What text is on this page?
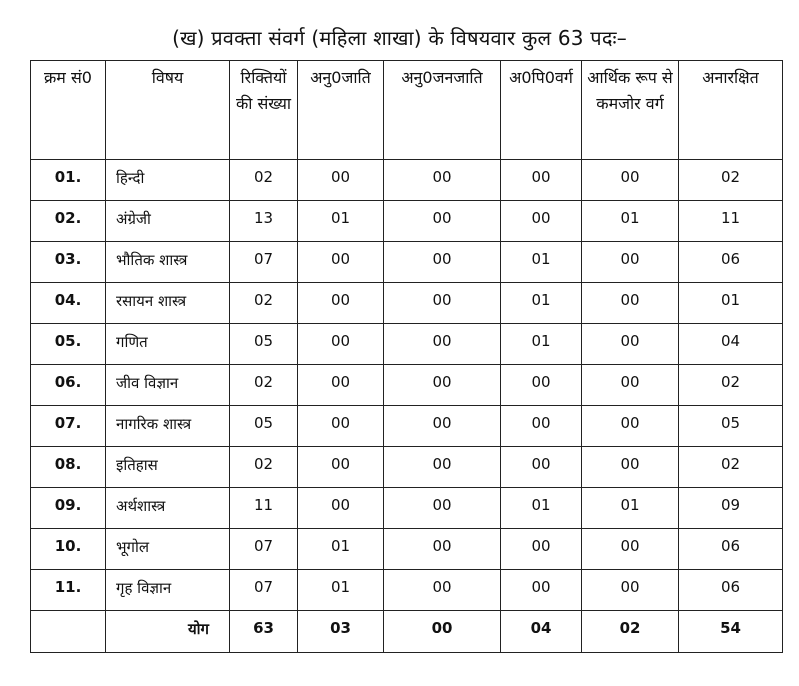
(ख) प्रवक्ता संवर्ग (महिला शाखा) के विषयवार कुल 63 पदः–
क्रम सं0	विषय	रिक्तियों की संख्या	अनु0जाति	अनु0जनजाति	अ0पि0वर्ग	आर्थिक रूप से कमजोर वर्ग	अनारक्षित
01.	हिन्दी	02	00	00	00	00	02
02.	अंग्रेजी	13	01	00	00	01	11
03.	भौतिक शास्त्र	07	00	00	01	00	06
04.	रसायन शास्त्र	02	00	00	01	00	01
05.	गणित	05	00	00	01	00	04
06.	जीव विज्ञान	02	00	00	00	00	02
07.	नागरिक शास्त्र	05	00	00	00	00	05
08.	इतिहास	02	00	00	00	00	02
09.	अर्थशास्त्र	11	00	00	01	01	09
10.	भूगोल	07	01	00	00	00	06
11.	गृह विज्ञान	07	01	00	00	00	06
	योग	63	03	00	04	02	54
